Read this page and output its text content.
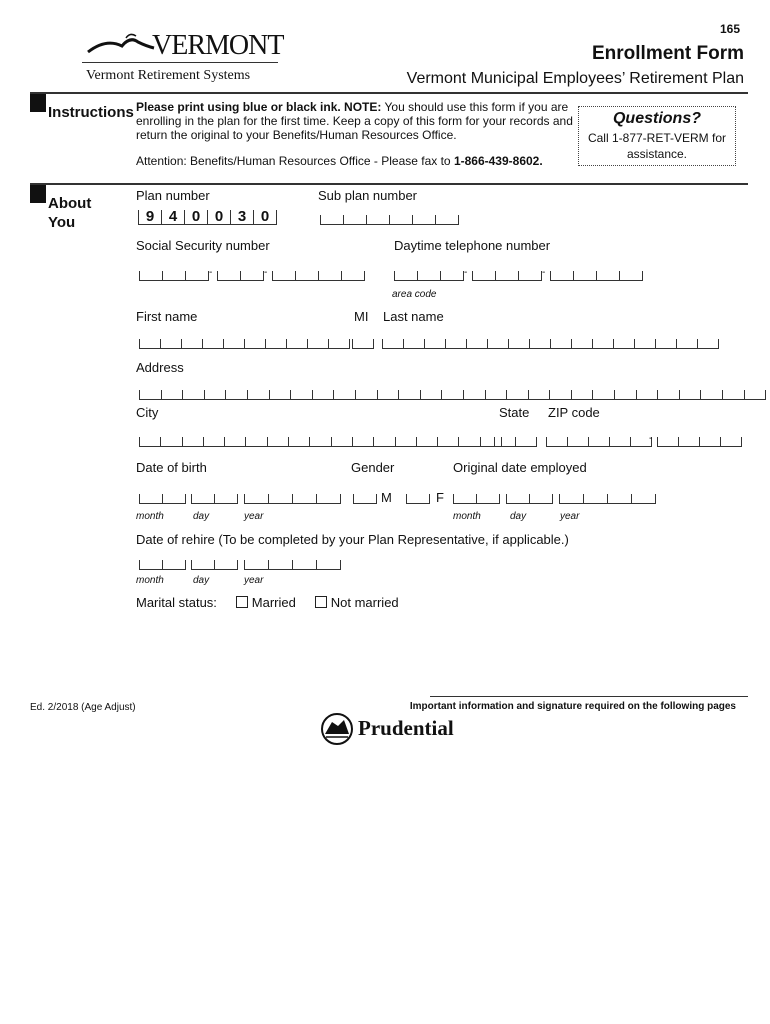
165
VERMONT
Vermont Retirement Systems
Enrollment Form
Vermont Municipal Employees’ Retirement Plan
Instructions Please print using blue or black ink. NOTE: You should use this form if you are
enrolling in the plan for the first time. Keep a copy of this form for your records and
return the original to your Benefits/Human Resources Office.
Attention: Benefits/Human Resources Office - Please fax to 1-866-439-8602.
Questions?
Call 1-877-RET-VERM for
assistance.
About
You
Plan number
9 4 0 0 3 0
Sub plan number
Social Security number	Daytime telephone number
-	-	-	-
area code
First name	MI Last name
Address
City	State ZIP code
-
Date of birth	Gender	Original date employed
M	F
month	day	year	month	day	year
Date of rehire (To be completed by your Plan Representative, if applicable.)
month	day	year
Marital status:	Married	Not married
Ed. 2/2018 (Age Adjust)	Important information and signature required on the following pages
Prudential
